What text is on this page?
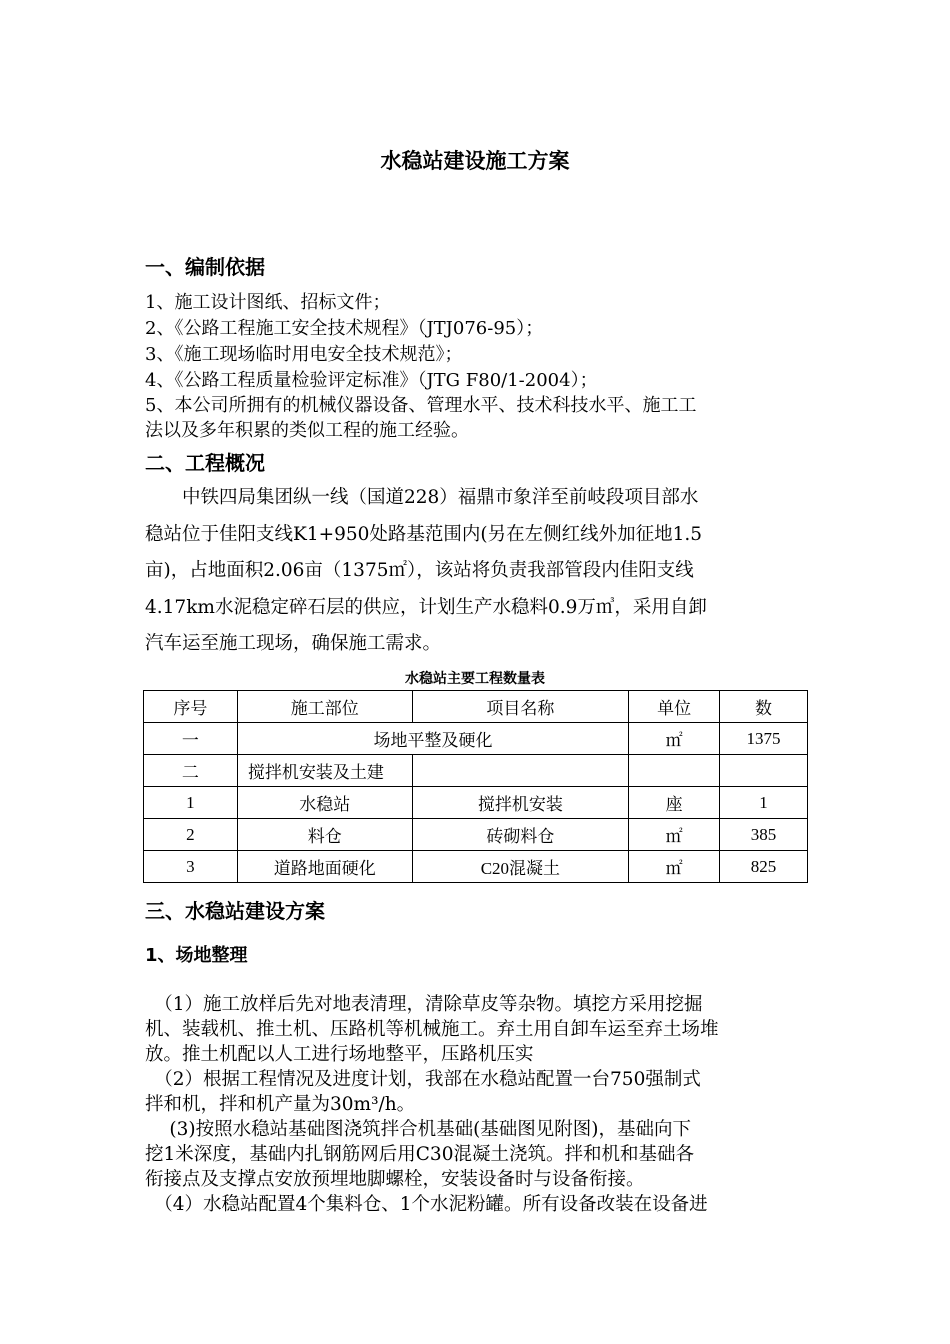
水稳站建设施工方案
一、编制依据
1、施工设计图纸、招标文件；
2、《公路工程施工安全技术规程》（JTJ076-95）；
3、《施工现场临时用电安全技术规范》；
4、《公路工程质量检验评定标准》（JTG F80/1-2004）；
5、本公司所拥有的机械仪器设备、管理水平、技术科技水平、施工工
法以及多年积累的类似工程的施工经验。
二、工程概况
　　中铁四局集团纵一线（国道228）福鼎市象洋至前岐段项目部水
稳站位于佳阳支线K1+950处路基范围内(另在左侧红线外加征地1.5
亩)，占地面积2.06亩（1375㎡），该站将负责我部管段内佳阳支线
4.17km水泥稳定碎石层的供应，计划生产水稳料0.9万㎥，采用自卸
汽车运至施工现场，确保施工需求。
水稳站主要工程数量表
序号	施工部位	项目名称	单位	数
一	场地平整及硬化		㎡	1375
二	搅拌机安装及土建			
1	水稳站	搅拌机安装	座	1
2	料仓	砖砌料仓	㎡	385
3	道路地面硬化	C20混凝土	㎡	825
三、水稳站建设方案
1、场地整理
　（1）施工放样后先对地表清理，清除草皮等杂物。填挖方采用挖掘
机、装载机、推土机、压路机等机械施工。弃土用自卸车运至弃土场堆
放。推土机配以人工进行场地整平，压路机压实
　（2）根据工程情况及进度计划，我部在水稳站配置一台750强制式
拌和机，拌和机产量为30m³/h。
　 (3)按照水稳站基础图浇筑拌合机基础(基础图见附图)，基础向下
挖1米深度，基础内扎钢筋网后用C30混凝土浇筑。拌和机和基础各
衔接点及支撑点安放预埋地脚螺栓，安装设备时与设备衔接。
　（4）水稳站配置4个集料仓、1个水泥粉罐。所有设备改装在设备进
